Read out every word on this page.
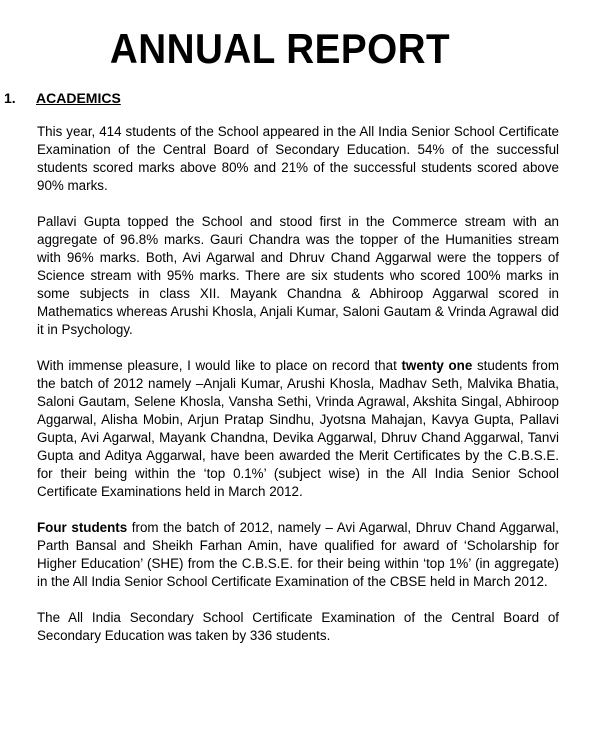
ANNUAL REPORT
1. ACADEMICS

This year, 414 students of the School appeared in the All India Senior School Certificate Examination of the Central Board of Secondary Education. 54% of the successful students scored marks above 80% and 21% of the successful students scored above 90% marks.

Pallavi Gupta topped the School and stood first in the Commerce stream with an aggregate of 96.8% marks. Gauri Chandra was the topper of the Humanities stream with 96% marks. Both, Avi Agarwal and Dhruv Chand Aggarwal were the toppers of Science stream with 95% marks. There are six students who scored 100% marks in some subjects in class XII. Mayank Chandna & Abhiroop Aggarwal scored in Mathematics whereas Arushi Khosla, Anjali Kumar, Saloni Gautam & Vrinda Agrawal did it in Psychology.

With immense pleasure, I would like to place on record that twenty one students from the batch of 2012 namely –Anjali Kumar, Arushi Khosla, Madhav Seth, Malvika Bhatia, Saloni Gautam, Selene Khosla, Vansha Sethi, Vrinda Agrawal, Akshita Singal, Abhiroop Aggarwal, Alisha Mobin, Arjun Pratap Sindhu, Jyotsna Mahajan, Kavya Gupta, Pallavi Gupta, Avi Agarwal, Mayank Chandna, Devika Aggarwal, Dhruv Chand Aggarwal, Tanvi Gupta and Aditya Aggarwal, have been awarded the Merit Certificates by the C.B.S.E. for their being within the ‘top 0.1%’ (subject wise) in the All India Senior School Certificate Examinations held in March 2012.

Four students from the batch of 2012, namely – Avi Agarwal, Dhruv Chand Aggarwal, Parth Bansal and Sheikh Farhan Amin, have qualified for award of ‘Scholarship for Higher Education’ (SHE) from the C.B.S.E. for their being within ‘top 1%’ (in aggregate) in the All India Senior School Certificate Examination of the CBSE held in March 2012.

The All India Secondary School Certificate Examination of the Central Board of Secondary Education was taken by 336 students.
